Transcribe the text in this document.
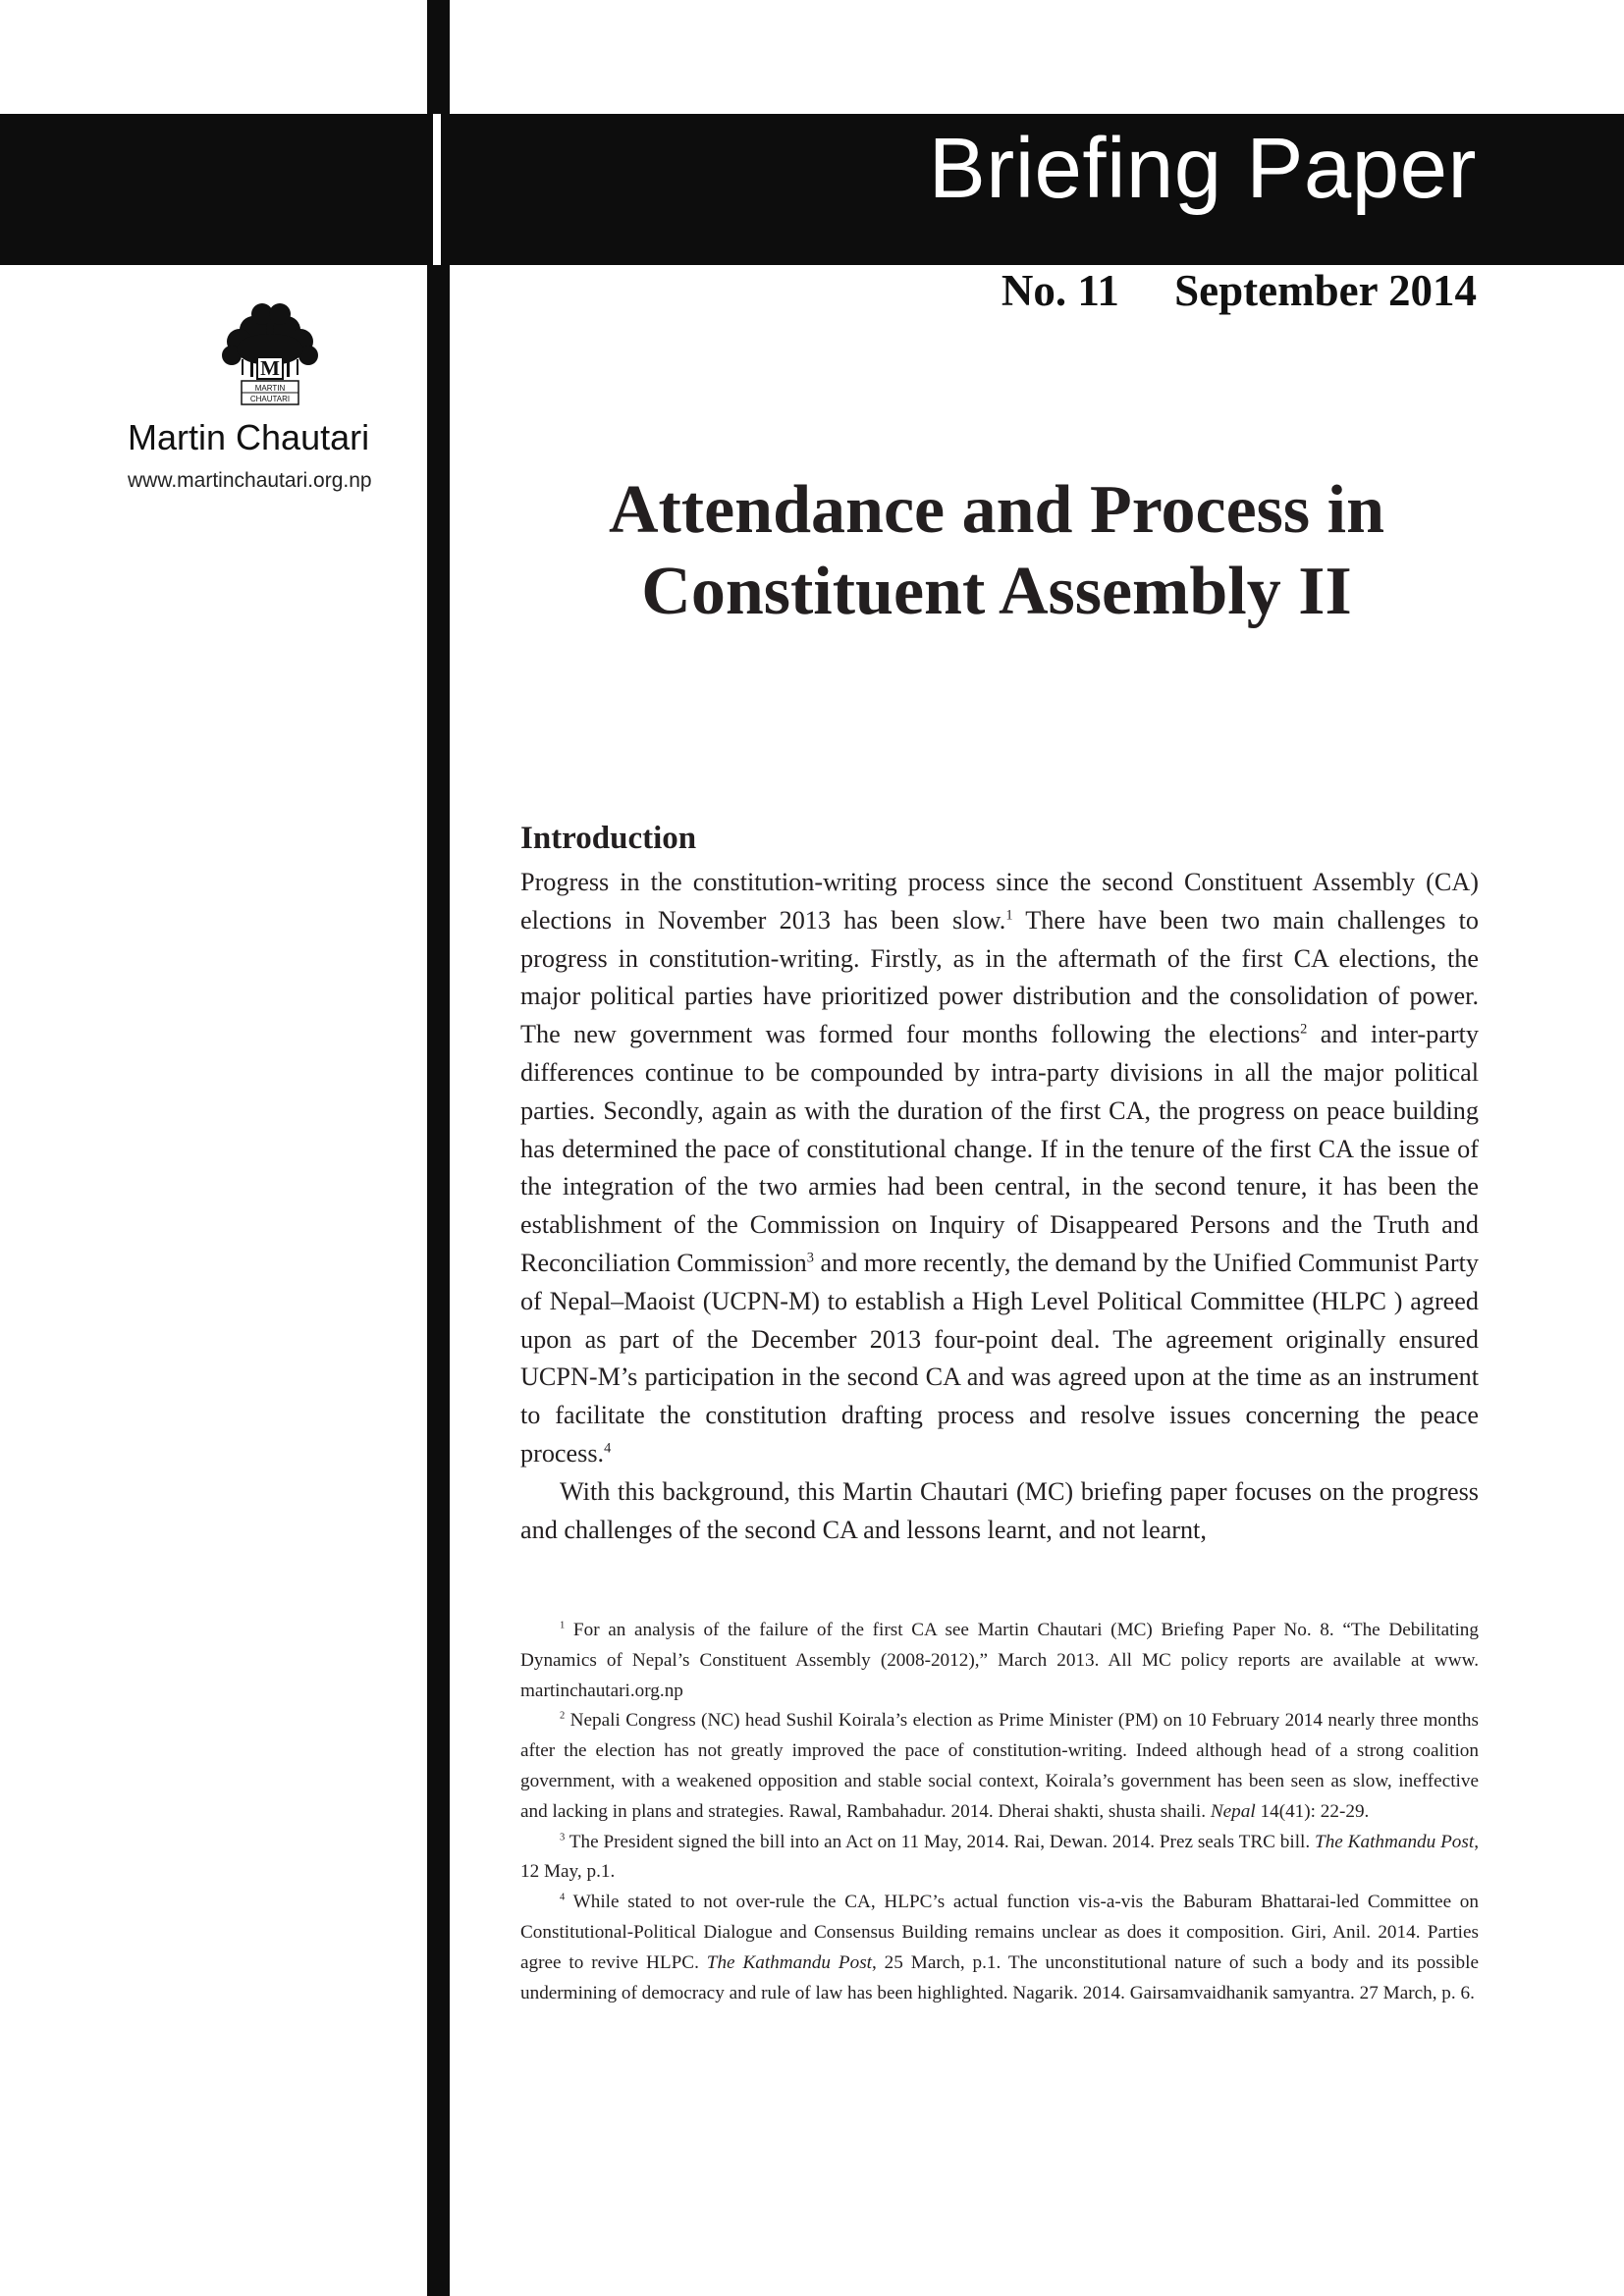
Briefing Paper
No. 11 September 2014
M
MARTIN
CHAUTARI
Martin Chautari
www.martinchautari.org.np	Attendance and Process in
Constituent Assembly II
Introduction

Progress in the constitution-writing process since the second Constituent Assembly (CA) elections in November 2013 has been slow.$^1$ There have been two main challenges to progress in constitution-writing. Firstly, as in the aftermath of the first CA elections, the major political parties have prioritized power distribution and the consolidation of power. The new government was formed four months following the elections$^2$ and inter-party differences continue to be compounded by intra-party divisions in all the major political parties. Secondly, again as with the duration of the first CA, the progress on peace building has determined the pace of constitutional change. If in the tenure of the first CA the issue of the integration of the two armies had been central, in the second tenure, it has been the establishment of the Commission on Inquiry of Disappeared Persons and the Truth and Reconciliation Commission$^3$ and more recently, the demand by the Unified Communist Party of Nepal–Maoist (UCPN-M) to establish a High Level Political Committee (HLPC ) agreed upon as part of the December 2013 four-point deal. The agreement originally ensured UCPN-M’s participation in the second CA and was agreed upon at the time as an instrument to facilitate the constitution drafting process and resolve issues concerning the peace process.$^4$

With this background, this Martin Chautari (MC) briefing paper focuses on the progress and challenges of the second CA and lessons learnt, and not learnt,

$^1$ For an analysis of the failure of the first CA see Martin Chautari (MC) Briefing Paper No. 8. “The Debilitating Dynamics of Nepal’s Constituent Assembly (2008-2012),” March 2013. All MC policy reports are available at www. martinchautari.org.np

$^2$ Nepali Congress (NC) head Sushil Koirala’s election as Prime Minister (PM) on 10 February 2014 nearly three months after the election has not greatly improved the pace of constitution-writing. Indeed although head of a strong coalition government, with a weakened opposition and stable social context, Koirala’s government has been seen as slow, ineffective and lacking in plans and strategies. Rawal, Rambahadur. 2014. Dherai shakti, shusta shaili. Nepal 14(41): 22-29.

$^3$ The President signed the bill into an Act on 11 May, 2014. Rai, Dewan. 2014. Prez seals TRC bill. The Kathmandu Post, 12 May, p.1.

$^4$ While stated to not over-rule the CA, HLPC’s actual function vis-a-vis the Baburam Bhattarai-led Committee on Constitutional-Political Dialogue and Consensus Building remains unclear as does it composition. Giri, Anil. 2014. Parties agree to revive HLPC. The Kathmandu Post, 25 March, p.1. The unconstitutional nature of such a body and its possible undermining of democracy and rule of law has been highlighted. Nagarik. 2014. Gairsamvaidhanik samyantra. 27 March, p. 6.
